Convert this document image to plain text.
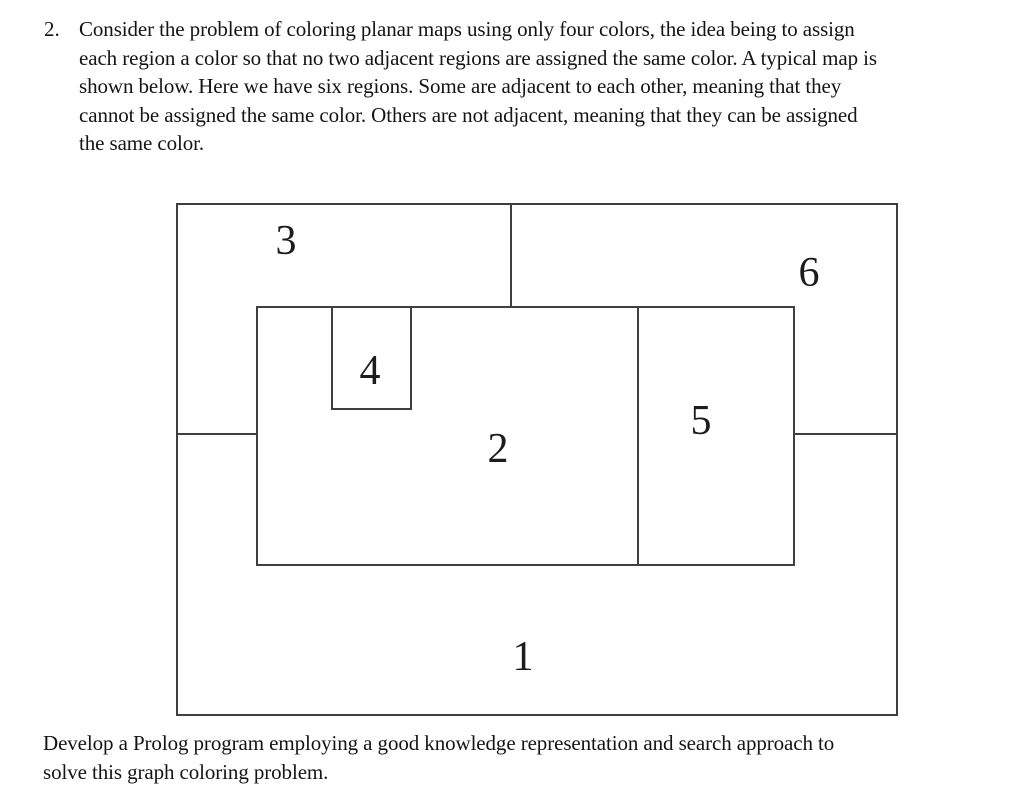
2. Consider the problem of coloring planar maps using only four colors, the idea being to assign
each region a color so that no two adjacent regions are assigned the same color. A typical map is
shown below. Here we have six regions. Some are adjacent to each other, meaning that they
cannot be assigned the same color. Others are not adjacent, meaning that they can be assigned
the same color.
3
6
4
2
5
1
Develop a Prolog program employing a good knowledge representation and search approach to
solve this graph coloring problem.
